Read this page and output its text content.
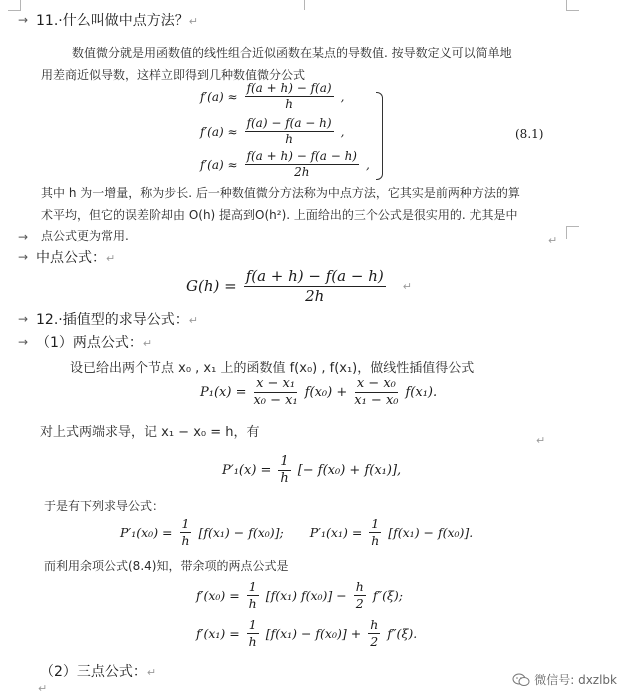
→ 11.·什么叫做中点方法？↵
数值微分就是用函数值的线性组合近似函数在某点的导数值. 按导数定义可以简单地
用差商近似导数，这样立即得到几种数值微分公式
$f'(a) \approx \frac{f(a + h) - f(a)}{h}$ ,
$f'(a) \approx \frac{f(a) - f(a - h)}{h}$ ,
$f'(a) \approx \frac{f(a + h) - f(a - h)}{2h}$ ,
(8.1)
其中 h 为一增量，称为步长. 后一种数值微分方法称为中点方法，它其实是前两种方法的算
术平均，但它的误差阶却由 O(h) 提高到O(h²). 上面给出的三个公式是很实用的. 尤其是中
点公式更为常用.
→	↵
→ 中点公式：↵
$G(h) = \frac{f(a + h) - f(a - h)}{2h}$ ↵
→ 12.·插值型的求导公式：↵
→ （1）两点公式：↵
设已给出两个节点 x₀ , x₁ 上的函数值 f(x₀) , f(x₁)，做线性插值得公式
$P_1(x) = \frac{\text{x − x₁}}{\text{x₀ − x₁}} f(x_0) + \frac{\text{x − x₀}}{\text{x₁ − x₀}} f(x_1)$.
对上式两端求导，记 x₁ − x₀ = h，有
↵
$P'_1(x) = \frac{1}{h}$ [− f(x₀) + f(x₁)],
于是有下列求导公式：
$P'_1(x_0) = \frac{1}{h} [f(x_1) - f(x_0)]$; $P'_1(x_1) = \frac{1}{h} [f(x_1) - f(x_0)]$.
而利用余项公式(8.4)知，带余项的两点公式是
$f'(x_0) = \frac{1}{h} [f(x_1) f(x_0)] - \frac{h}{2} f''(\xi)$;
$f'(x_1) = \frac{1}{h} [f(x_1) - f(x_0)] + \frac{h}{2} f''(\xi)$.
（2）三点公式：↵
↵
微信号: dxzlbk
